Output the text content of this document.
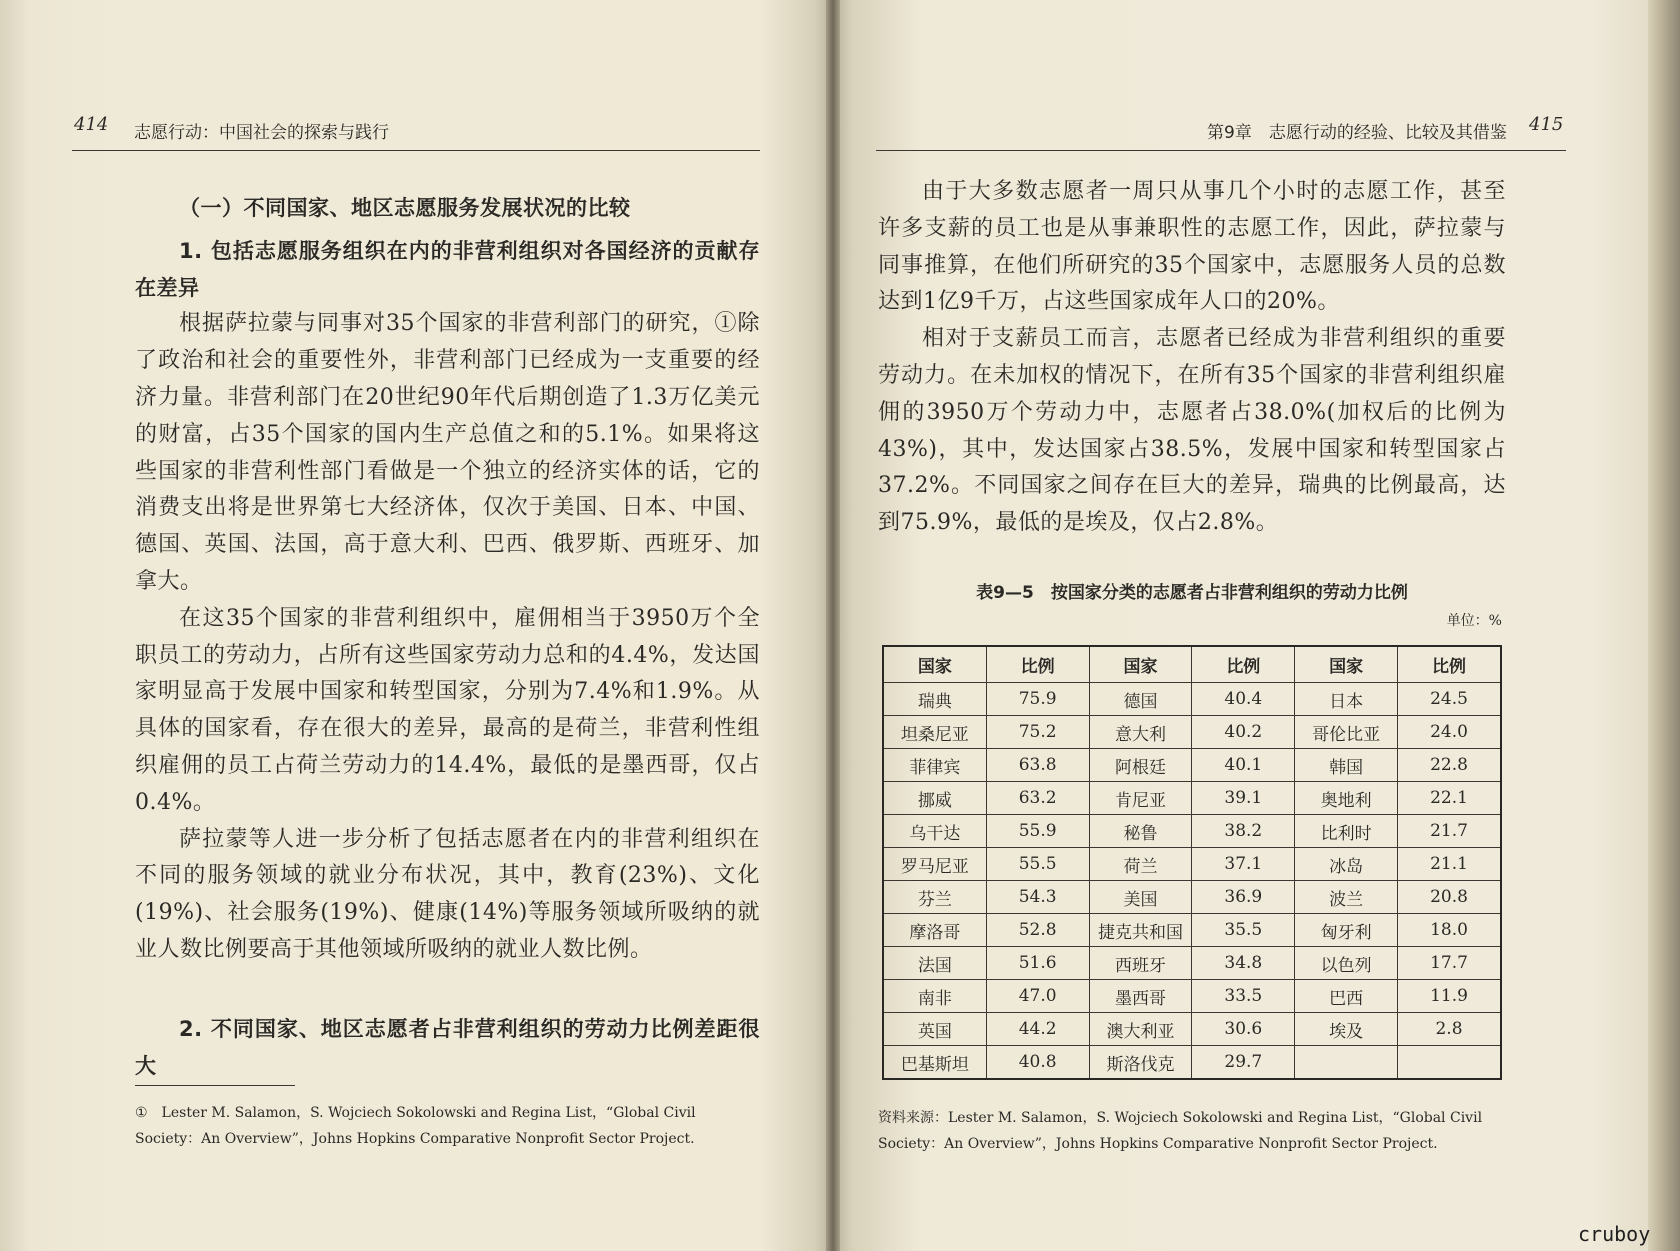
414 志愿行动：中国社会的探索与践行

（一）不同国家、地区志愿服务发展状况的比较

1. 包括志愿服务组织在内的非营利组织对各国经济的贡献存在差异

根据萨拉蒙与同事对35个国家的非营利部门的研究，①除了政治和社会的重要性外，非营利部门已经成为一支重要的经济力量。非营利部门在20世纪90年代后期创造了1.3万亿美元的财富，占35个国家的国内生产总值之和的5.1%。如果将这些国家的非营利性部门看做是一个独立的经济实体的话，它的消费支出将是世界第七大经济体，仅次于美国、日本、中国、德国、英国、法国，高于意大利、巴西、俄罗斯、西班牙、加拿大。

在这35个国家的非营利组织中，雇佣相当于3950万个全职员工的劳动力，占所有这些国家劳动力总和的4.4%，发达国家明显高于发展中国家和转型国家，分别为7.4%和1.9%。从具体的国家看，存在很大的差异，最高的是荷兰，非营利性组织雇佣的员工占荷兰劳动力的14.4%，最低的是墨西哥，仅占0.4%。

萨拉蒙等人进一步分析了包括志愿者在内的非营利组织在不同的服务领域的就业分布状况，其中，教育(23%)、文化(19%)、社会服务(19%)、健康(14%)等服务领域所吸纳的就业人数比例要高于其他领域所吸纳的就业人数比例。

2. 不同国家、地区志愿者占非营利组织的劳动力比例差距很大

①　Lester M. Salamon，S. Wojciech Sokolowski and Regina List，“Global Civil Society：An Overview”，Johns Hopkins Comparative Nonprofit Sector Project.
第9章　志愿行动的经验、比较及其借鉴 415

由于大多数志愿者一周只从事几个小时的志愿工作，甚至许多支薪的员工也是从事兼职性的志愿工作，因此，萨拉蒙与同事推算，在他们所研究的35个国家中，志愿服务人员的总数达到1亿9千万，占这些国家成年人口的20%。

相对于支薪员工而言，志愿者已经成为非营利组织的重要劳动力。在未加权的情况下，在所有35个国家的非营利组织雇佣的3950万个劳动力中，志愿者占38.0%(加权后的比例为43%)，其中，发达国家占38.5%，发展中国家和转型国家占37.2%。不同国家之间存在巨大的差异，瑞典的比例最高，达到75.9%，最低的是埃及，仅占2.8%。

表9—5　按国家分类的志愿者占非营利组织的劳动力比例
单位：%
资料来源：Lester M. Salamon，S. Wojciech Sokolowski and Regina List，“Global Civil Society：An Overview”，Johns Hopkins Comparative Nonprofit Sector Project.
国家	比例	国家	比例	国家	比例
瑞典	75.9	德国	40.4	日本	24.5
坦桑尼亚	75.2	意大利	40.2	哥伦比亚	24.0
菲律宾	63.8	阿根廷	40.1	韩国	22.8
挪威	63.2	肯尼亚	39.1	奥地利	22.1
乌干达	55.9	秘鲁	38.2	比利时	21.7
罗马尼亚	55.5	荷兰	37.1	冰岛	21.1
芬兰	54.3	美国	36.9	波兰	20.8
摩洛哥	52.8	捷克共和国	35.5	匈牙利	18.0
法国	51.6	西班牙	34.8	以色列	17.7
南非	47.0	墨西哥	33.5	巴西	11.9
英国	44.2	澳大利亚	30.6	埃及	2.8
巴基斯坦	40.8	斯洛伐克	29.7		
cruboy
